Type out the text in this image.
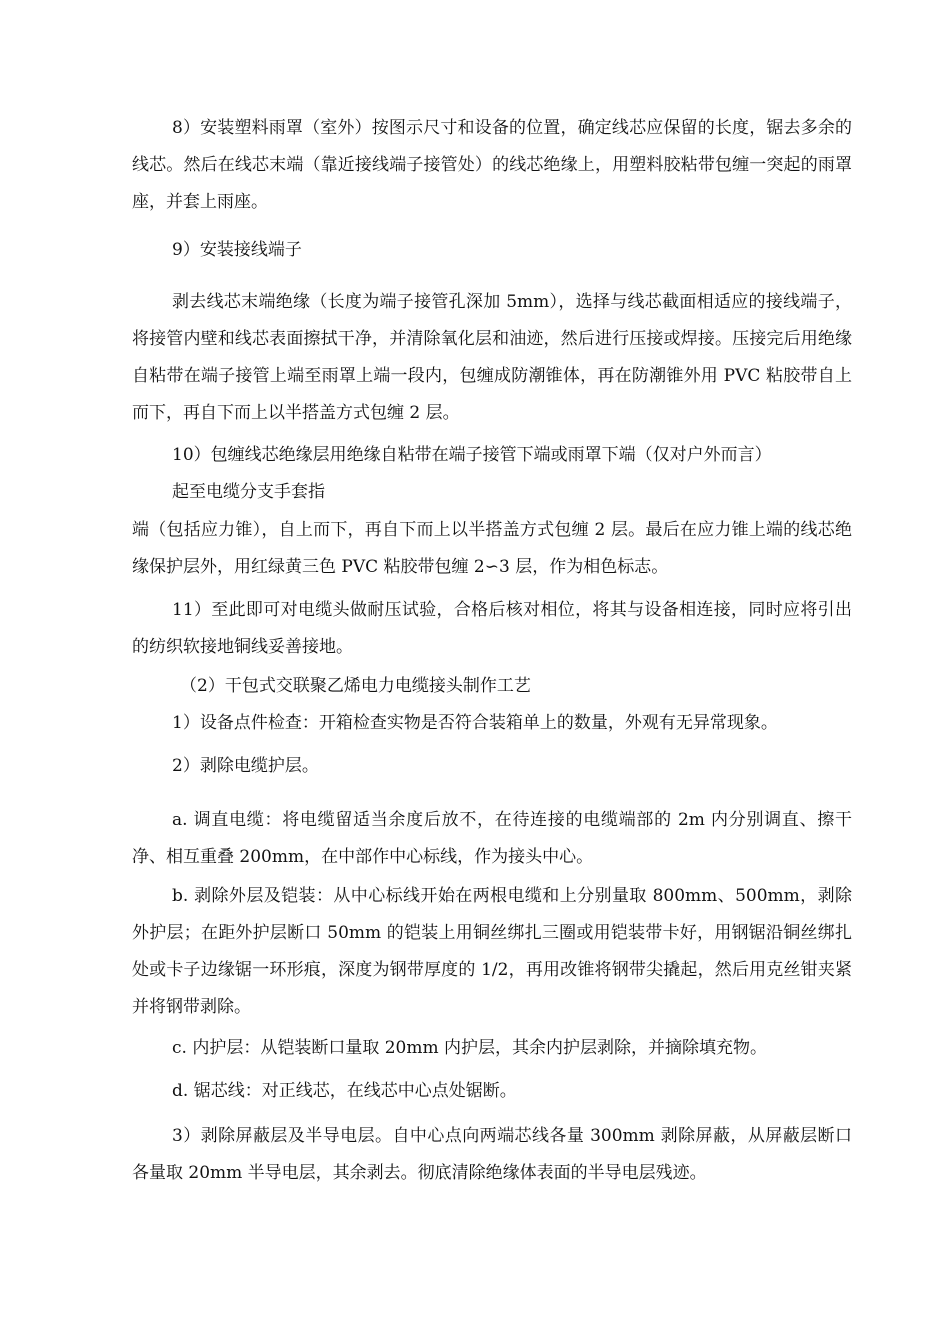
8）安装塑料雨罩（室外）按图示尺寸和设备的位置，确定线芯应保留的长度，锯去多余的线芯。然后在线芯末端（靠近接线端子接管处）的线芯绝缘上，用塑料胶粘带包缠一突起的雨罩座，并套上雨座。

9）安装接线端子

剥去线芯末端绝缘（长度为端子接管孔深加 5mm），选择与线芯截面相适应的接线端子，将接管内壁和线芯表面擦拭干净，并清除氧化层和油迹，然后进行压接或焊接。压接完后用绝缘自粘带在端子接管上端至雨罩上端一段内，包缠成防潮锥体，再在防潮锥外用 PVC 粘胶带自上而下，再自下而上以半搭盖方式包缠 2 层。

10）包缠线芯绝缘层用绝缘自粘带在端子接管下端或雨罩下端（仅对户外而言）

起至电缆分支手套指

端（包括应力锥），自上而下，再自下而上以半搭盖方式包缠 2 层。最后在应力锥上端的线芯绝缘保护层外，用红绿黄三色 PVC 粘胶带包缠 2∽3 层，作为相色标志。

11）至此即可对电缆头做耐压试验，合格后核对相位，将其与设备相连接，同时应将引出的纺织软接地铜线妥善接地。

（2）干包式交联聚乙烯电力电缆接头制作工艺

1）设备点件检查：开箱检查实物是否符合装箱单上的数量，外观有无异常现象。

2）剥除电缆护层。

a. 调直电缆：将电缆留适当余度后放不，在待连接的电缆端部的 2m 内分别调直、擦干净、相互重叠 200mm，在中部作中心标线，作为接头中心。

b. 剥除外层及铠装：从中心标线开始在两根电缆和上分别量取 800mm、500mm，剥除外护层；在距外护层断口 50mm 的铠装上用铜丝绑扎三圈或用铠装带卡好，用钢锯沿铜丝绑扎处或卡子边缘锯一环形痕，深度为钢带厚度的 1/2，再用改锥将钢带尖撬起，然后用克丝钳夹紧并将钢带剥除。

c. 内护层：从铠装断口量取 20mm 内护层，其余内护层剥除，并摘除填充物。

d. 锯芯线：对正线芯，在线芯中心点处锯断。

3）剥除屏蔽层及半导电层。自中心点向两端芯线各量 300mm 剥除屏蔽，从屏蔽层断口各量取 20mm 半导电层，其余剥去。彻底清除绝缘体表面的半导电层残迹。
